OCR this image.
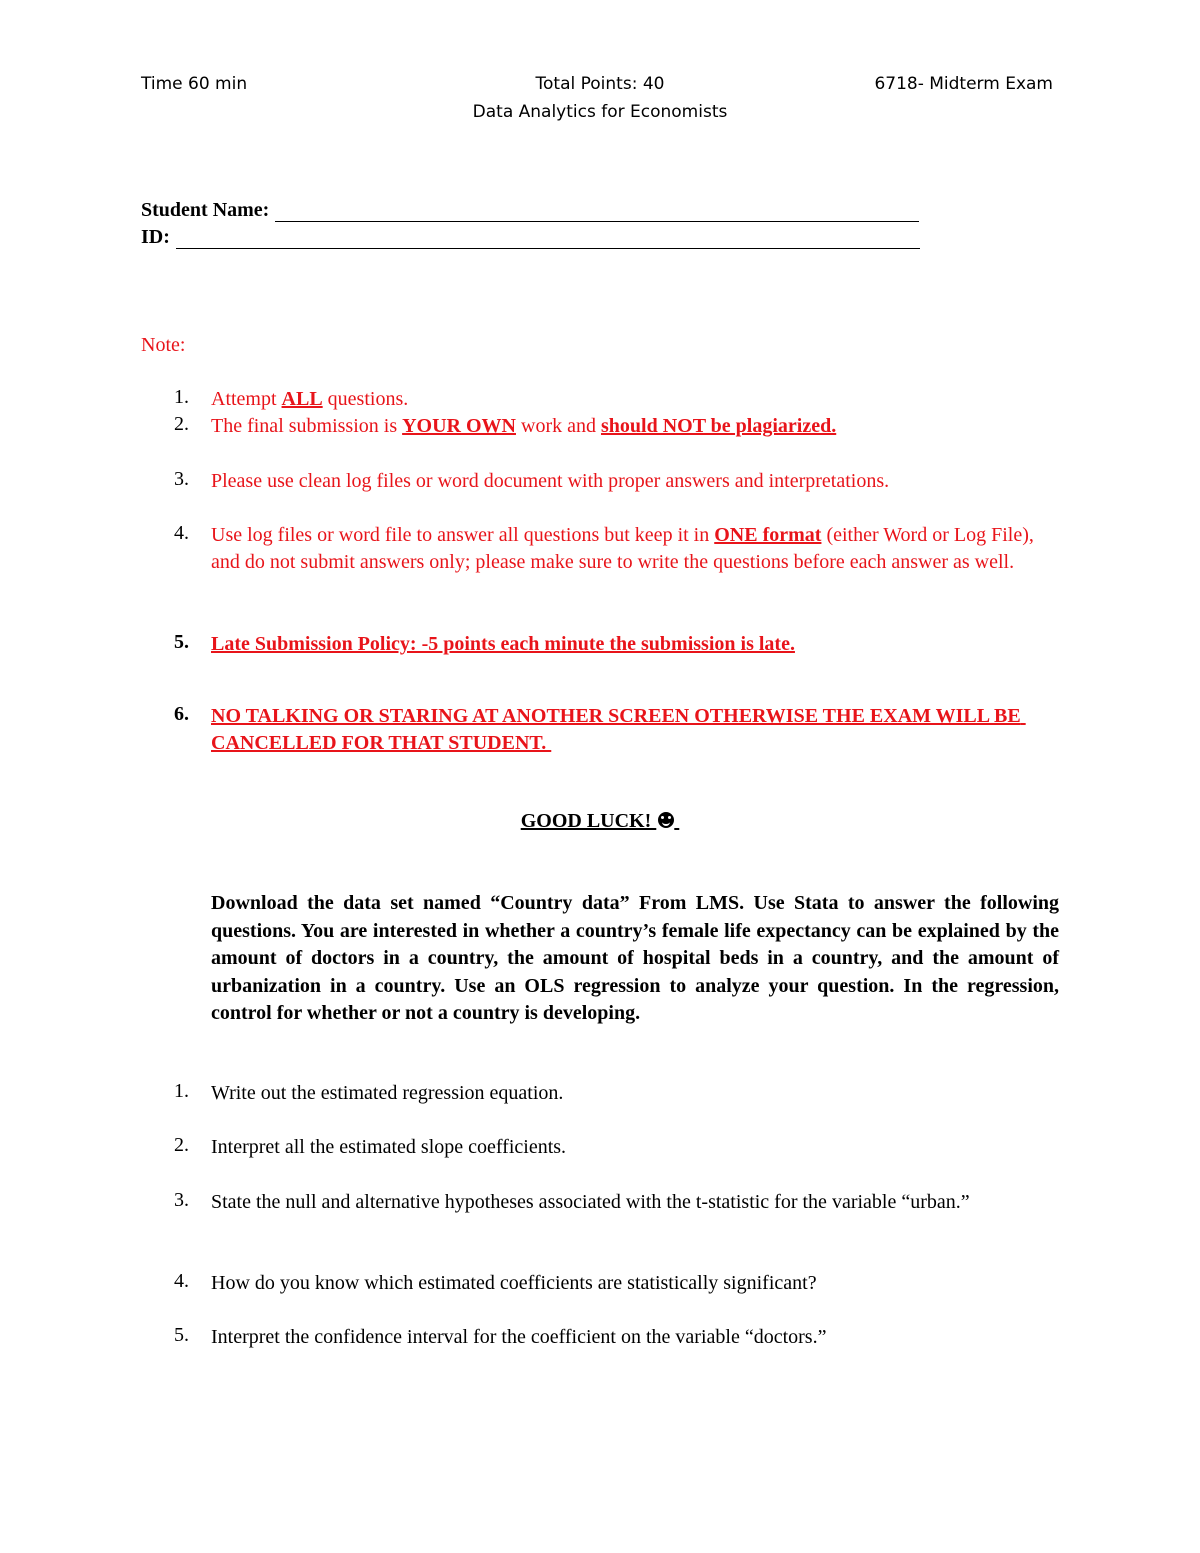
Time 60 min	Total Points: 40	6718- Midterm Exam
Data Analytics for Economists
Student Name:
ID:
Note:
1. Attempt ALL questions.
2. The final submission is YOUR OWN work and should NOT be plagiarized.
3. Please use clean log files or word document with proper answers and interpretations.
4. Use log files or word file to answer all questions but keep it in ONE format (either Word or Log File), and do not submit answers only; please make sure to write the questions before each answer as well.
5. Late Submission Policy: -5 points each minute the submission is late.
6. NO TALKING OR STARING AT ANOTHER SCREEN OTHERWISE THE EXAM WILL BE CANCELLED FOR THAT STUDENT.
GOOD LUCK!
Download the data set named “Country data” From LMS. Use Stata to answer the following questions. You are interested in whether a country’s female life expectancy can be explained by the amount of doctors in a country, the amount of hospital beds in a country, and the amount of urbanization in a country. Use an OLS regression to analyze your question. In the regression, control for whether or not a country is developing.
1. Write out the estimated regression equation.
2. Interpret all the estimated slope coefficients.
3. State the null and alternative hypotheses associated with the t-statistic for the variable “urban.”
4. How do you know which estimated coefficients are statistically significant?
5. Interpret the confidence interval for the coefficient on the variable “doctors.”
